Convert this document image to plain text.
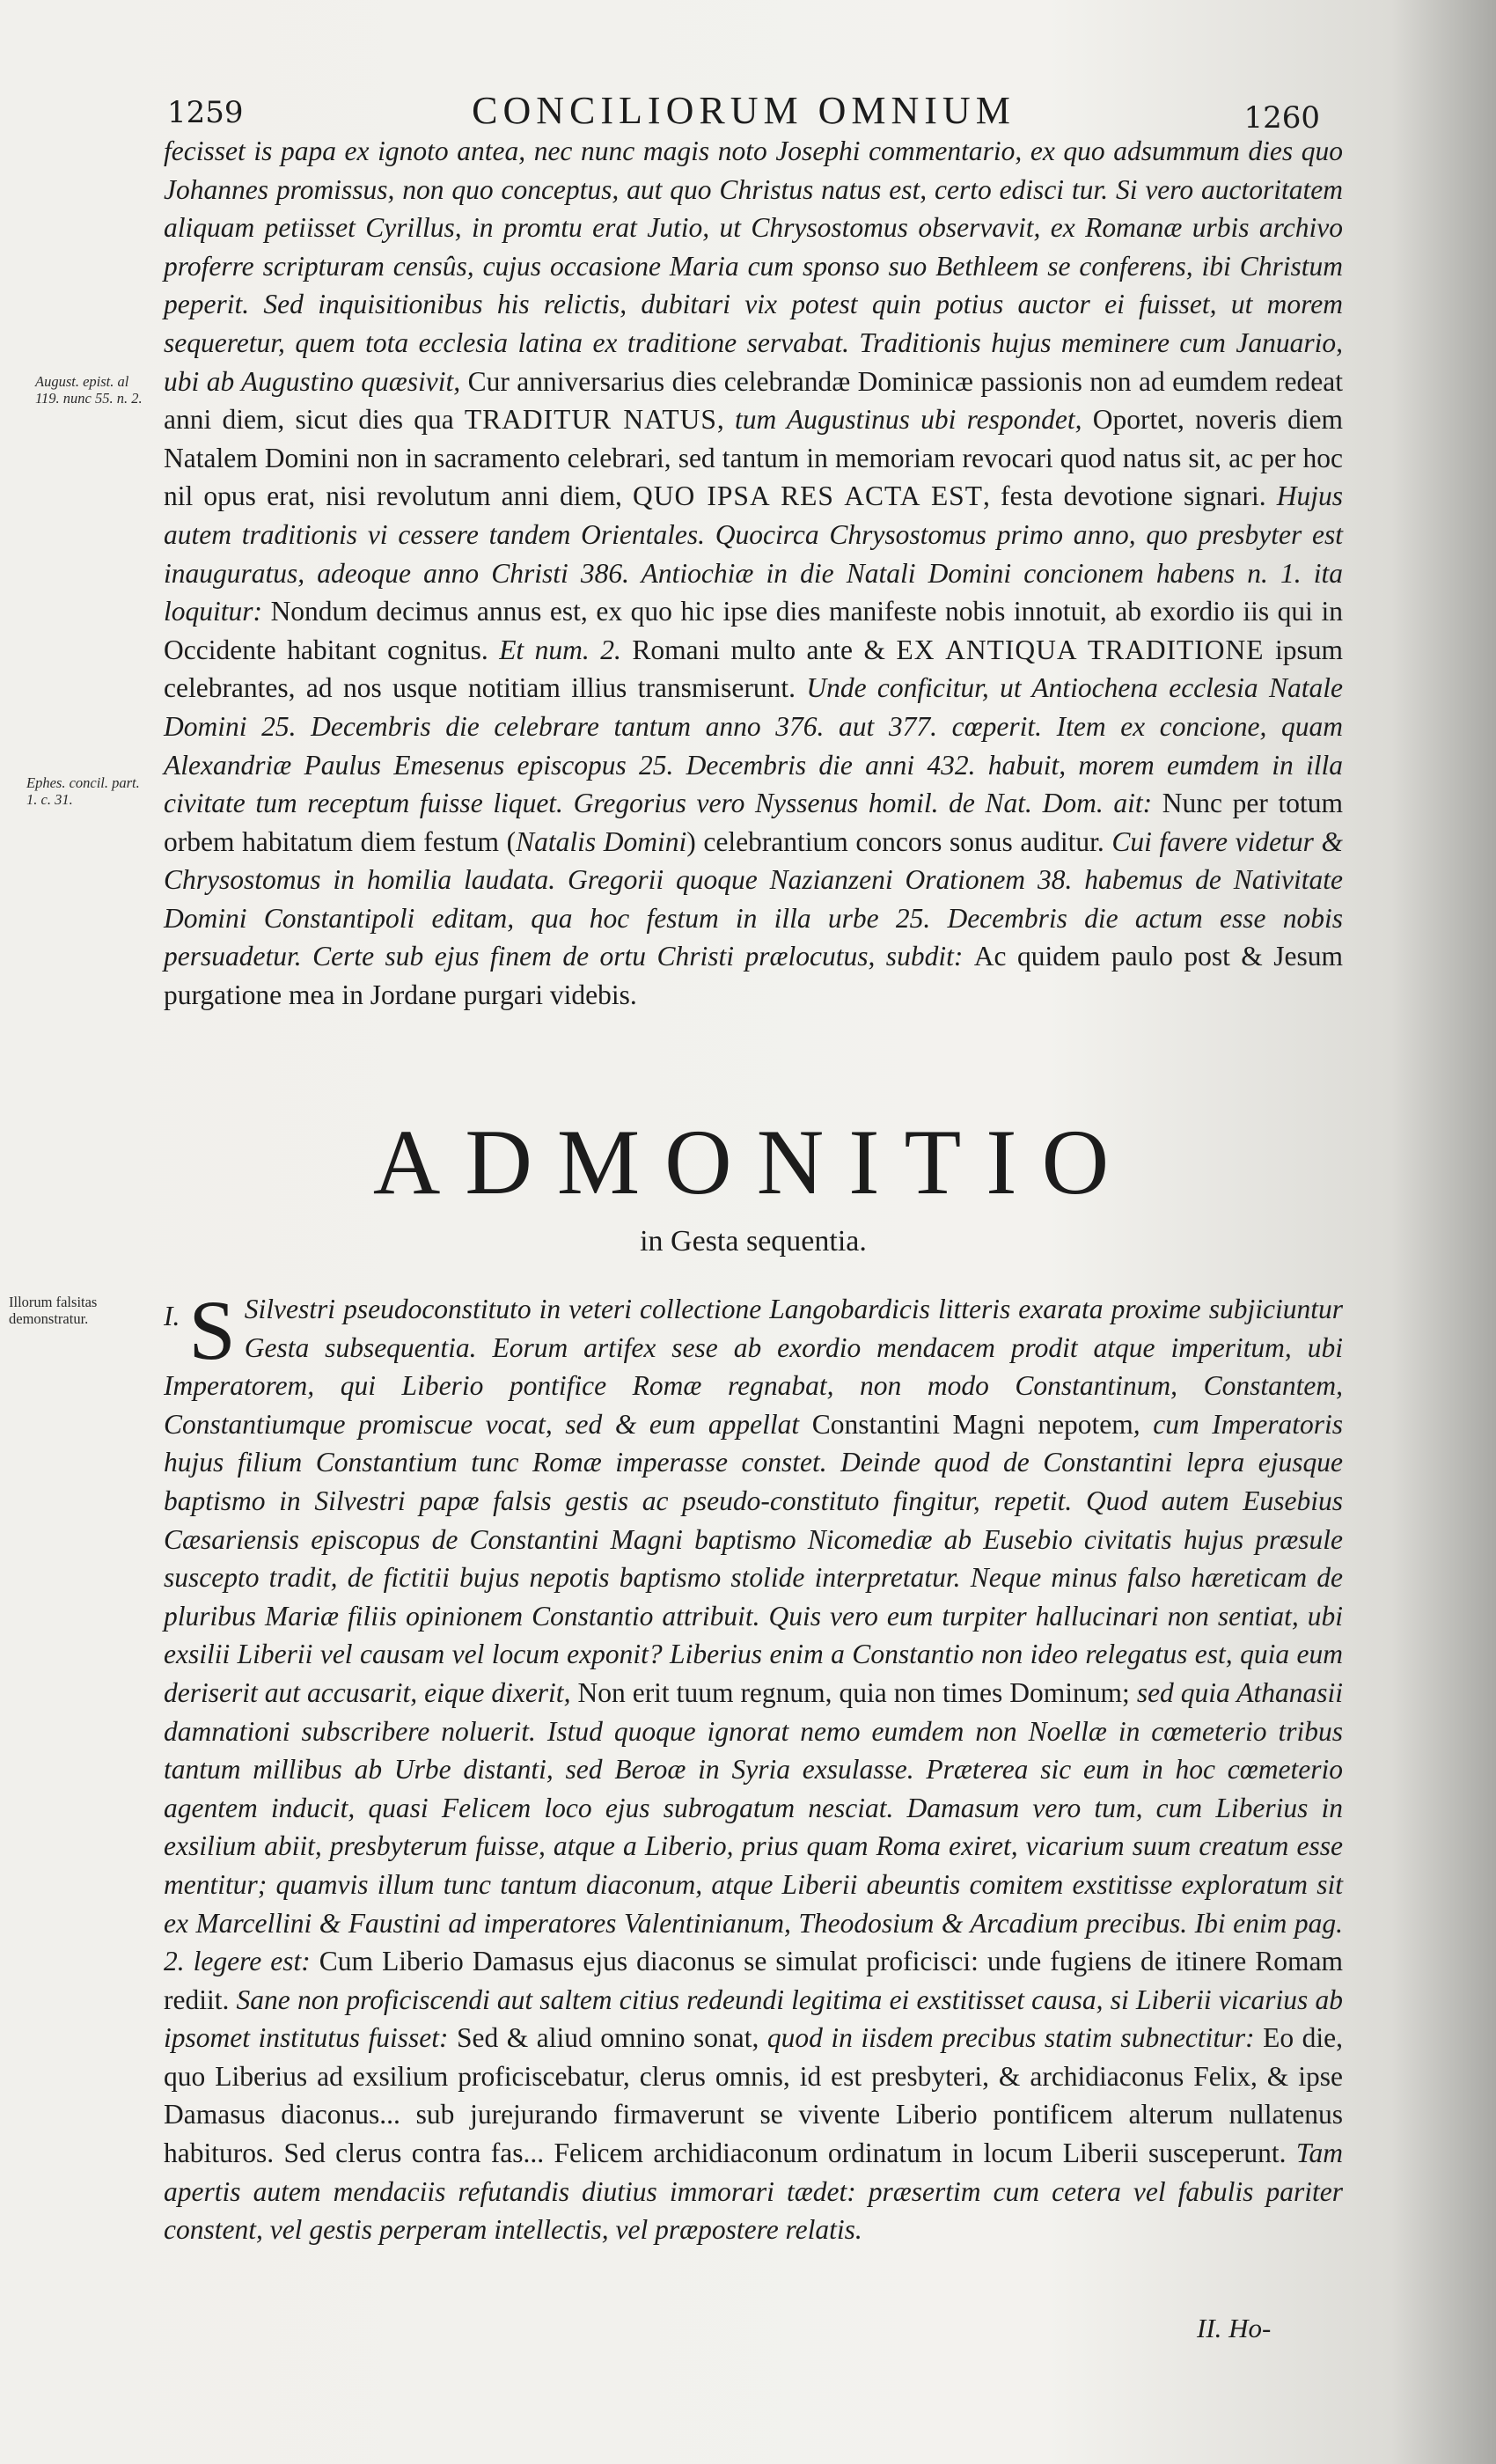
1259	CONCILIORUM OMNIUM	1260
August. epist. al 119. nunc 55. n. 2.
Ephes. concil. part. 1. c. 31.
Illorum falsitas demonstratur.
fecisset is papa ex ignoto antea, nec nunc magis noto Josephi commentario, ex quo adsummum dies quo Johannes promissus, non quo conceptus, aut quo Christus natus est, certo edisci tur. Si vero auctoritatem aliquam petiisset Cyrillus, in promtu erat Jutio, ut Chrysostomus observavit, ex Romanæ urbis archivo proferre scripturam censûs, cujus occasione Maria cum sponso suo Bethleem se conferens, ibi Christum peperit. Sed inquisitionibus his relictis, dubitari vix potest quin potius auctor ei fuisset, ut morem sequeretur, quem tota ecclesia latina ex traditione servabat. Traditionis hujus meminere cum Januario, ubi ab Augustino quæsivit, Cur anniversarius dies celebrandæ Dominicæ passionis non ad eumdem redeat anni diem, sicut dies qua TRADITUR NATUS, tum Augustinus ubi respondet, Oportet, noveris diem Natalem Domini non in sacramento celebrari, sed tantum in memoriam revocari quod natus sit, ac per hoc nil opus erat, nisi revolutum anni diem, QUO IPSA RES ACTA EST, festa devotione signari. Hujus autem traditionis vi cessere tandem Orientales. Quocirca Chrysostomus primo anno, quo presbyter est inauguratus, adeoque anno Christi 386. Antiochiæ in die Natali Domini concionem habens n. 1. ita loquitur: Nondum decimus annus est, ex quo hic ipse dies manifeste nobis innotuit, ab exordio iis qui in Occidente habitant cognitus. Et num. 2. Romani multo ante & EX ANTIQUA TRADITIONE ipsum celebrantes, ad nos usque notitiam illius transmiserunt. Unde conficitur, ut Antiochena ecclesia Natale Domini 25. Decembris die celebrare tantum anno 376. aut 377. cœperit. Item ex concione, quam Alexandriæ Paulus Emesenus episcopus 25. Decembris die anni 432. habuit, morem eumdem in illa civitate tum receptum fuisse liquet. Gregorius vero Nyssenus homil. de Nat. Dom. ait: Nunc per totum orbem habitatum diem festum (Natalis Domini) celebrantium concors sonus auditur. Cui favere videtur & Chrysostomus in homilia laudata. Gregorii quoque Nazianzeni Orationem 38. habemus de Nativitate Domini Constantipoli editam, qua hoc festum in illa urbe 25. Decembris die actum esse nobis persuadetur. Certe sub ejus finem de ortu Christi prælocutus, subdit: Ac quidem paulo post & Jesum purgatione mea in Jordane purgari videbis.
ADMONITIO
in Gesta sequentia.
I. S Silvestri pseudoconstituto in veteri collectione Langobardicis litteris exarata proxime subjiciuntur Gesta subsequentia. Eorum artifex sese ab exordio mendacem prodit atque imperitum, ubi Imperatorem, qui Liberio pontifice Romæ regnabat, non modo Constantinum, Constantem, Constantiumque promiscue vocat, sed & eum appellat Constantini Magni nepotem, cum Imperatoris hujus filium Constantium tunc Romæ imperasse constet. Deinde quod de Constantini lepra ejusque baptismo in Silvestri papæ falsis gestis ac pseudo-constituto fingitur, repetit. Quod autem Eusebius Cæsariensis episcopus de Constantini Magni baptismo Nicomediæ ab Eusebio civitatis hujus præsule suscepto tradit, de fictitii bujus nepotis baptismo stolide interpretatur. Neque minus falso hæreticam de pluribus Mariæ filiis opinionem Constantio attribuit. Quis vero eum turpiter hallucinari non sentiat, ubi exsilii Liberii vel causam vel locum exponit? Liberius enim a Constantio non ideo relegatus est, quia eum deriserit aut accusarit, eique dixerit, Non erit tuum regnum, quia non times Dominum; sed quia Athanasii damnationi subscribere noluerit. Istud quoque ignorat nemo eumdem non Noellæ in cœmeterio tribus tantum millibus ab Urbe distanti, sed Beroæ in Syria exsulasse. Præterea sic eum in hoc cœmeterio agentem inducit, quasi Felicem loco ejus subrogatum nesciat. Damasum vero tum, cum Liberius in exsilium abiit, presbyterum fuisse, atque a Liberio, prius quam Roma exiret, vicarium suum creatum esse mentitur; quamvis illum tunc tantum diaconum, atque Liberii abeuntis comitem exstitisse exploratum sit ex Marcellini & Faustini ad imperatores Valentinianum, Theodosium & Arcadium precibus. Ibi enim pag. 2. legere est: Cum Liberio Damasus ejus diaconus se simulat proficisci: unde fugiens de itinere Romam rediit. Sane non proficiscendi aut saltem citius redeundi legitima ei exstitisset causa, si Liberii vicarius ab ipsomet institutus fuisset: Sed & aliud omnino sonat, quod in iisdem precibus statim subnectitur: Eo die, quo Liberius ad exsilium proficiscebatur, clerus omnis, id est presbyteri, & archidiaconus Felix, & ipse Damasus diaconus... sub jurejurando firmaverunt se vivente Liberio pontificem alterum nullatenus habituros. Sed clerus contra fas... Felicem archidiaconum ordinatum in locum Liberii susceperunt. Tam apertis autem mendaciis refutandis diutius immorari tædet: præsertim cum cetera vel fabulis pariter constent, vel gestis perperam intellectis, vel præpostere relatis.
II. Ho-
